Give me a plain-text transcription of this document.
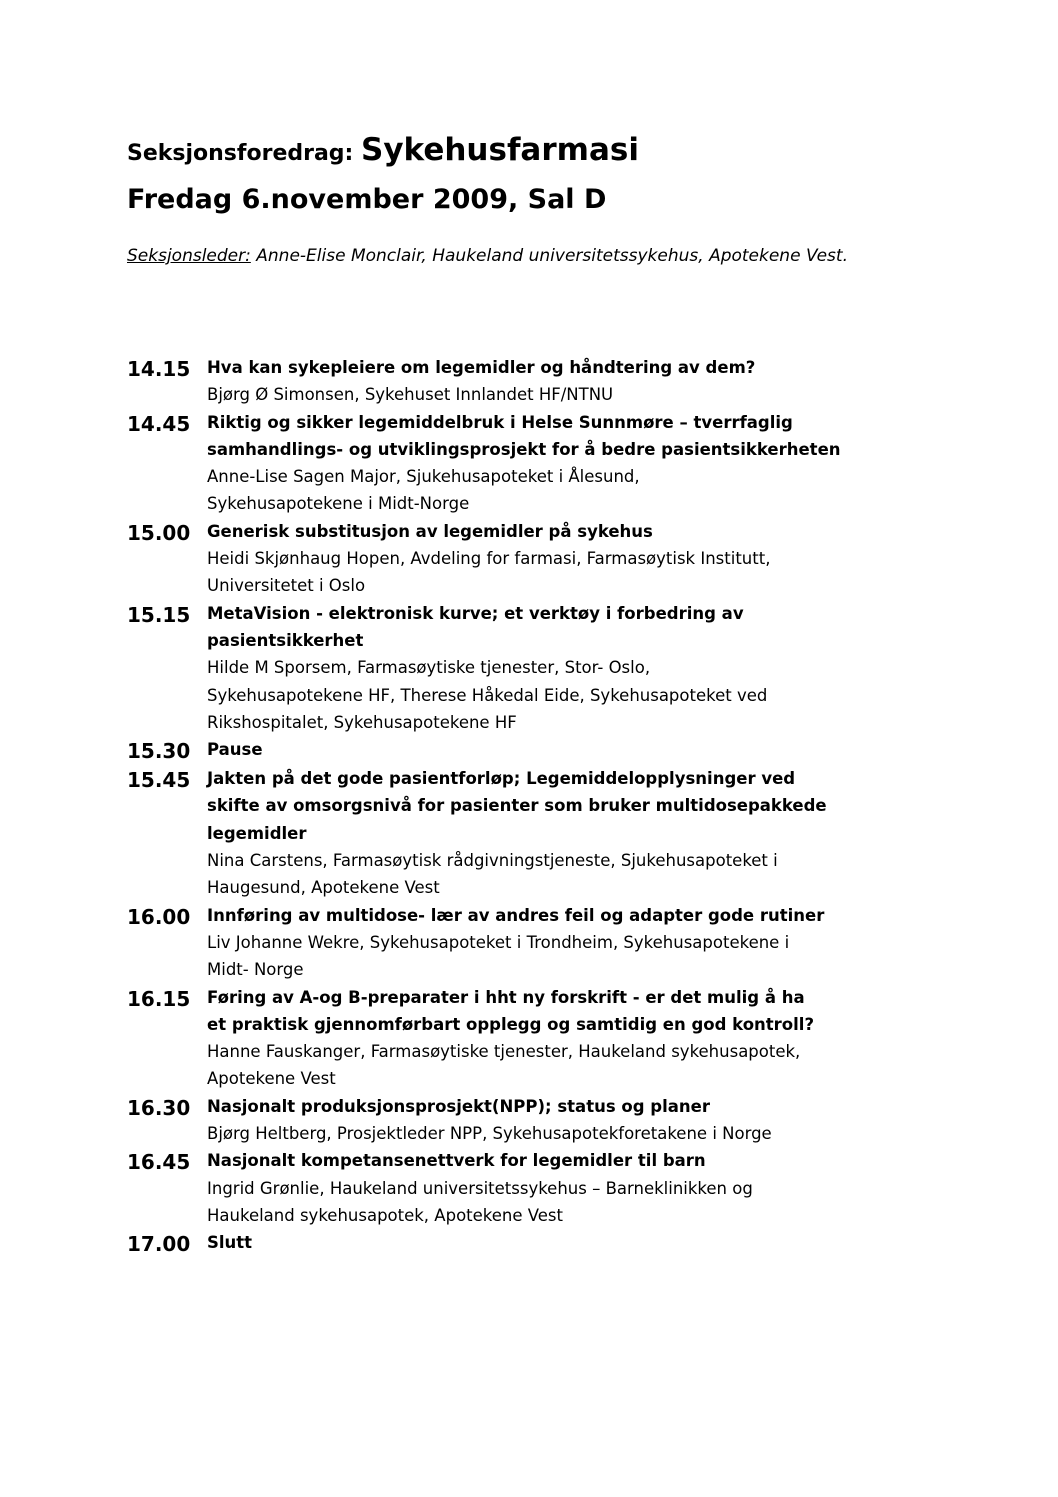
Seksjonsforedrag: Sykehusfarmasi
Fredag 6.november 2009, Sal D
Seksjonsleder: Anne-Elise Monclair, Haukeland universitetssykehus, Apotekene Vest.
14.15	Hva kan sykepleiere om legemidler og håndtering av dem?
Bjørg Ø Simonsen, Sykehuset Innlandet HF/NTNU
14.45	Riktig og sikker legemiddelbruk i Helse Sunnmøre – tverrfaglig
samhandlings- og utviklingsprosjekt for å bedre pasientsikkerheten
Anne-Lise Sagen Major, Sjukehusapoteket i Ålesund,
Sykehusapotekene i Midt-Norge
15.00	Generisk substitusjon av legemidler på sykehus
Heidi Skjønhaug Hopen, Avdeling for farmasi, Farmasøytisk Institutt,
Universitetet i Oslo
15.15	MetaVision - elektronisk kurve; et verktøy i forbedring av
pasientsikkerhet
Hilde M Sporsem, Farmasøytiske tjenester, Stor- Oslo,
Sykehusapotekene HF, Therese Håkedal Eide, Sykehusapoteket ved
Rikshospitalet, Sykehusapotekene HF
15.30	Pause
15.45	Jakten på det gode pasientforløp; Legemiddelopplysninger ved
skifte av omsorgsnivå for pasienter som bruker multidosepakkede
legemidler
Nina Carstens, Farmasøytisk rådgivningstjeneste, Sjukehusapoteket i
Haugesund, Apotekene Vest
16.00	Innføring av multidose- lær av andres feil og adapter gode rutiner
Liv Johanne Wekre, Sykehusapoteket i Trondheim, Sykehusapotekene i
Midt- Norge
16.15	Føring av A-og B-preparater i hht ny forskrift - er det mulig å ha
et praktisk gjennomførbart opplegg og samtidig en god kontroll?
Hanne Fauskanger, Farmasøytiske tjenester, Haukeland sykehusapotek,
Apotekene Vest
16.30	Nasjonalt produksjonsprosjekt(NPP); status og planer
Bjørg Heltberg, Prosjektleder NPP, Sykehusapotekforetakene i Norge
16.45	Nasjonalt kompetansenettverk for legemidler til barn
Ingrid Grønlie, Haukeland universitetssykehus – Barneklinikken og
Haukeland sykehusapotek, Apotekene Vest
17.00	Slutt
